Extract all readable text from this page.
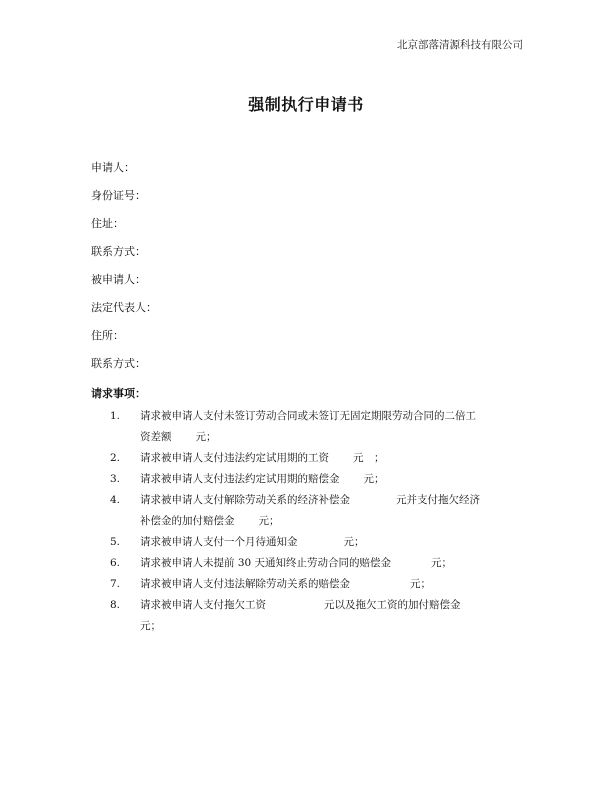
北京部落清源科技有限公司
强制执行申请书
申请人：
身份证号：
住址：
联系方式：
被申请人：
法定代表人：
住所：
联系方式：
请求事项：
1.	请求被申请人支付未签订劳动合同或未签订无固定期限劳动合同的二倍工
资差额 元；
2.	请求被申请人支付违法约定试用期的工资 元　；
3.	请求被申请人支付违法约定试用期的赔偿金 元；
4.	请求被申请人支付解除劳动关系的经济补偿金	元并支付拖欠经济
补偿金的加付赔偿金 元；
5.	请求被申请人支付一个月待通知金	元；
6.	请求被申请人未提前 30 天通知终止劳动合同的赔偿金	元；
7.	请求被申请人支付违法解除劳动关系的赔偿金	元；
8.	请求被申请人支付拖欠工资	元以及拖欠工资的加付赔偿金
元；
